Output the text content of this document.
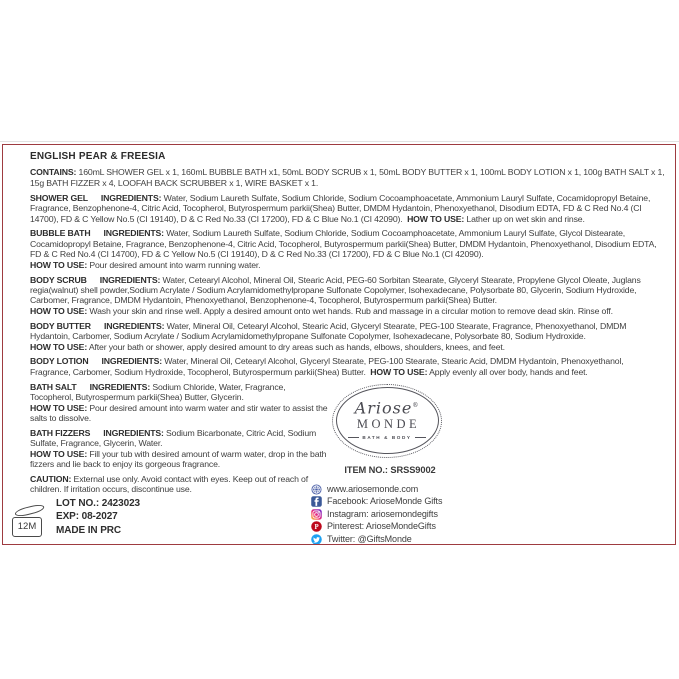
ENGLISH PEAR & FREESIA

CONTAINS: 160mL SHOWER GEL x 1, 160mL BUBBLE BATH x1, 50mL BODY SCRUB x 1, 50mL BODY BUTTER x 1, 100mL BODY LOTION x 1, 100g BATH SALT x 1, 15g BATH FIZZER x 4, LOOFAH BACK SCRUBBER x 1, WIRE BASKET x 1.

SHOWER GEL INGREDIENTS: Water, Sodium Laureth Sulfate, Sodium Chloride, Sodium Cocoamphoacetate, Ammonium Lauryl Sulfate, Cocamidopropyl Betaine, Fragrance, Benzophenone-4, Citric Acid, Tocopherol, Butyrospermum parkii(Shea) Butter, DMDM Hydantoin, Phenoxyethanol, Disodium EDTA, FD & C Red No.4 (CI 14700), FD & C Yellow No.5 (CI 19140), D & C Red No.33 (CI 17200), FD & C Blue No.1 (CI 42090). HOW TO USE: Lather up on wet skin and rinse.

BUBBLE BATH INGREDIENTS: Water, Sodium Laureth Sulfate, Sodium Chloride, Sodium Cocoamphoacetate, Ammonium Lauryl Sulfate, Glycol Distearate, Cocamidopropyl Betaine, Fragrance, Benzophenone-4, Citric Acid, Tocopherol, Butyrospermum parkii(Shea) Butter, DMDM Hydantoin, Phenoxyethanol, Disodium EDTA, FD & C Red No.4 (CI 14700), FD & C Yellow No.5 (CI 19140), D & C Red No.33 (CI 17200), FD & C Blue No.1 (CI 42090).
HOW TO USE: Pour desired amount into warm running water.

BODY SCRUB INGREDIENTS: Water, Cetearyl Alcohol, Mineral Oil, Stearic Acid, PEG-60 Sorbitan Stearate, Glyceryl Stearate, Propylene Glycol Oleate, Juglans regia(walnut) shell powder,Sodium Acrylate / Sodium Acrylamidomethylpropane Sulfonate Copolymer, Isohexadecane, Polysorbate 80, Glycerin, Sodium Hydroxide, Carbomer, Fragrance, DMDM Hydantoin, Phenoxyethanol, Benzophenone-4, Tocopherol, Butyrospermum parkii(Shea) Butter.
HOW TO USE: Wash your skin and rinse well. Apply a desired amount onto wet hands. Rub and massage in a circular motion to remove dead skin. Rinse off.

BODY BUTTER INGREDIENTS: Water, Mineral Oil, Cetearyl Alcohol, Stearic Acid, Glyceryl Stearate, PEG-100 Stearate, Fragrance, Phenoxyethanol, DMDM Hydantoin, Carbomer, Sodium Acrylate / Sodium Acrylamidomethylpropane Sulfonate Copolymer, Isohexadecane, Polysorbate 80, Sodium Hydroxide.
HOW TO USE: After your bath or shower, apply desired amount to dry areas such as hands, elbows, shoulders, knees, and feet.

BODY LOTION INGREDIENTS: Water, Mineral Oil, Cetearyl Alcohol, Glyceryl Stearate, PEG-100 Stearate, Stearic Acid, DMDM Hydantoin, Phenoxyethanol, Fragrance, Carbomer, Sodium Hydroxide, Tocopherol, Butyrospermum parkii(Shea) Butter. HOW TO USE: Apply evenly all over body, hands and feet.

BATH SALT INGREDIENTS: Sodium Chloride, Water, Fragrance, Tocopherol, Butyrospermum parkii(Shea) Butter, Glycerin.
HOW TO USE: Pour desired amount into warm water and stir water to assist the salts to dissolve.

BATH FIZZERS INGREDIENTS: Sodium Bicarbonate, Citric Acid, Sodium Sulfate, Fragrance, Glycerin, Water.
HOW TO USE: Fill your tub with desired amount of warm water, drop in the bath fizzers and lie back to enjoy its gorgeous fragrance.

CAUTION: External use only. Avoid contact with eyes. Keep out of reach of children. If irritation occurs, discontinue use.

Ariose®
MONDE
BATH & BODY
ITEM NO.: SRSS9002
www.ariosemonde.com
Facebook: ArioseMonde Gifts
Instagram: ariosemondegifts
P Pinterest: ArioseMondeGifts
Twitter: @GiftsMonde
12M
LOT NO.: 2423023
EXP: 08-2027
MADE IN PRC
